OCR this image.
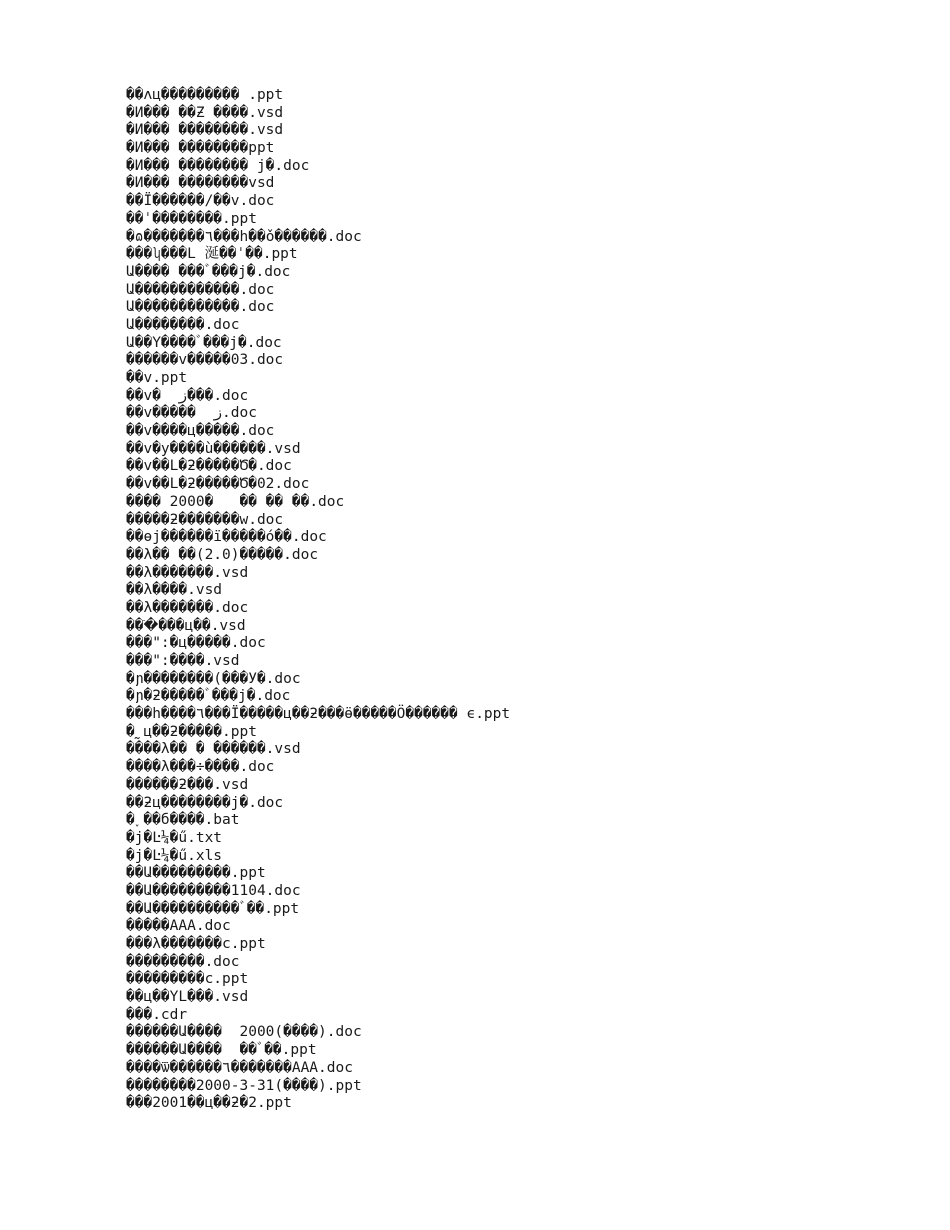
��ʌц��������� .ppt
�И��� ��Ƶ ����.vsd
�И��� ��������.vsd
�И��� ��������ppt
�И��� �������� j�.doc
�И��� ��������vsd
��Ï������/��v.doc
��ˈ��������.ppt
�ɷ�������٦���h��ǒ������.doc
���ʮ���L 涎��ˈ��.ppt
Ա���� ���ﾞ���j�.doc
Ա������������.doc
Ա������������.doc
Ա��������.doc
Ա��Y����ﾞ���j�.doc
������v�����03.doc
��v.ppt
��v�  ز���.doc
��v�����  ز.doc
��v����ц�����.doc
��v�у����ù������.vsd
��v��L�ƻ�����Ծ�.doc
��v��L�ƻ�����Ծ�02.doc
���� 2000�   �� �� ��.doc
�����ƻ�������w.doc
��ѳj������ï�����ό��.doc
��λ�� ��(2.0)�����.doc
��λ�������.vsd
��λ����.vsd
��λ�������.doc
���ֹ���ц��.vsd
���":�ц�����.doc
���":����.vsd
�ɲ��������(���У�.doc
�ɲ�ƻ�����ﾞ���j�.doc
���h����٦���Ï�����ц��ƻ���ӫ�����Ö������ ϵ.ppt
�˷ц��ƻ�����.ppt
����λ�� � ������.vsd
����λ���÷����.doc
������ƻ���.vsd
��ƻц��������j�.doc
�˯��б����.bat
�j�Ŀ¼�ű.txt
�j�Ŀ¼�ű.xls
��Ա���������.ppt
��Ա���������1104.doc
��Ա����������ﾞ��.ppt
�����AAA.doc
���λ�������c.ppt
���������.doc
���������c.ppt
��ц��YL���.vsd
���.cdr
������Ա����  2000(����).doc
������Ա����  ��ﾞ��.ppt
����ѿ������٦�������AAA.doc
��������2000-3-31(����).ppt
���2001��ц��ƻ�2.ppt
